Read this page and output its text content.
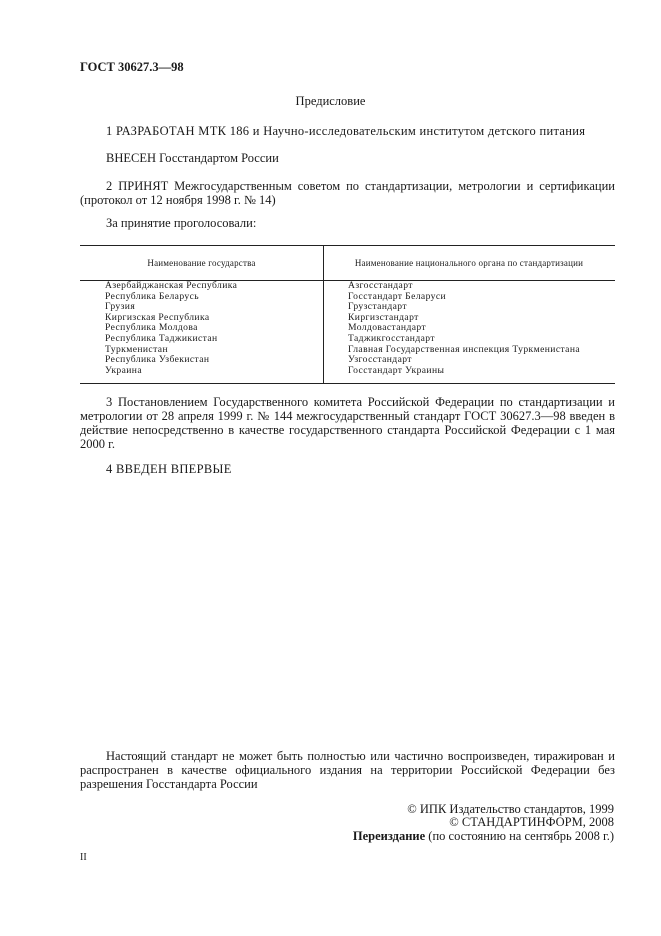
ГОСТ 30627.3—98
Предисловие
1 РАЗРАБОТАН МТК 186 и Научно-исследовательским институтом детского питания
ВНЕСЕН Госстандартом России
2 ПРИНЯТ Межгосударственным советом по стандартизации, метрологии и сертификации (протокол от 12 ноября 1998 г. № 14)
За принятие проголосовали:
Наименование государства	Наименование национального органа по стандартизации
Азербайджанская Республика
Республика Беларусь
Грузия
Киргизская Республика
Республика Молдова
Республика Таджикистан
Туркменистан
Республика Узбекистан
Украина
Азгосстандарт
Госстандарт Беларуси
Грузстандарт
Киргизстандарт
Молдовастандарт
Таджикгосстандарт
Главная Государственная инспекция Туркменистана
Узгосстандарт
Госстандарт Украины
3 Постановлением Государственного комитета Российской Федерации по стандартизации и метрологии от 28 апреля 1999 г. № 144 межгосударственный стандарт ГОСТ 30627.3—98 введен в действие непосредственно в качестве государственного стандарта Российской Федерации с 1 мая 2000 г.
4 ВВЕДЕН ВПЕРВЫЕ
Настоящий стандарт не может быть полностью или частично воспроизведен, тиражирован и распространен в качестве официального издания на территории Российской Федерации без разрешения Госстандарта России
© ИПК Издательство стандартов, 1999
© СТАНДАРТИНФОРМ, 2008
Переиздание (по состоянию на сентябрь 2008 г.)
II
